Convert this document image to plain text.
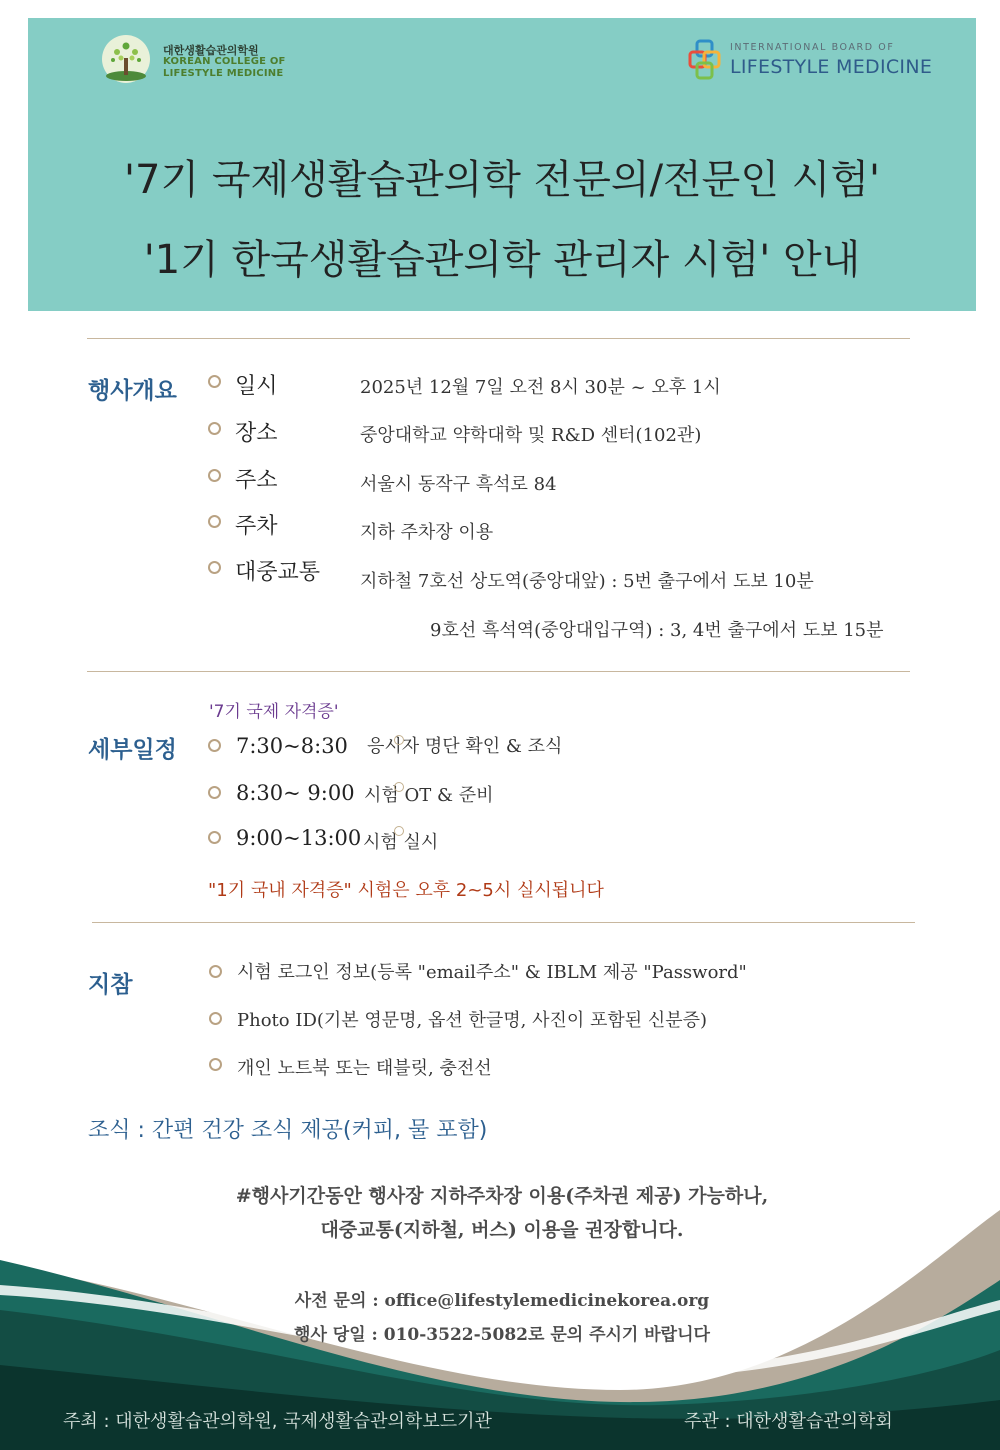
대한생활습관의학원
KOREAN COLLEGE OF
LIFESTYLE MEDICINE
INTERNATIONAL BOARD OF
LIFESTYLE MEDICINE
'7기 국제생활습관의학 전문의/전문인 시험'
'1기 한국생활습관의학 관리자 시험' 안내
행사개요	일시	2025년 12월 7일 오전 8시 30분 ~ 오후 1시
장소	중앙대학교 약학대학 및 R&D 센터(102관)
주소	서울시 동작구 흑석로 84
주차	지하 주차장 이용
대중교통 지하철 7호선 상도역(중앙대앞) : 5번 출구에서 도보 10분
9호선 흑석역(중앙대입구역) : 3, 4번 출구에서 도보 15분
'7기 국제 자격증'
세부일정	7:30~8:30 응시자 명단 확인 & 조식
8:30~ 9:00 시험 OT & 준비
9:00~13:00 시험 실시
"1기 국내 자격증" 시험은 오후 2~5시 실시됩니다
지참	시험 로그인 정보(등록 "email주소" & IBLM 제공 "Password"
Photo ID(기본 영문명, 옵션 한글명, 사진이 포함된 신분증)
개인 노트북 또는 태블릿, 충전선
조식 : 간편 건강 조식 제공(커피, 물 포함)
#행사기간동안 행사장 지하주차장 이용(주차권 제공) 가능하나,
대중교통(지하철, 버스) 이용을 권장합니다.
사전 문의 : office@lifestylemedicinekorea.org
행사 당일 : 010-3522-5082로 문의 주시기 바랍니다
주최 : 대한생활습관의학원, 국제생활습관의학보드기관	주관 : 대한생활습관의학회
